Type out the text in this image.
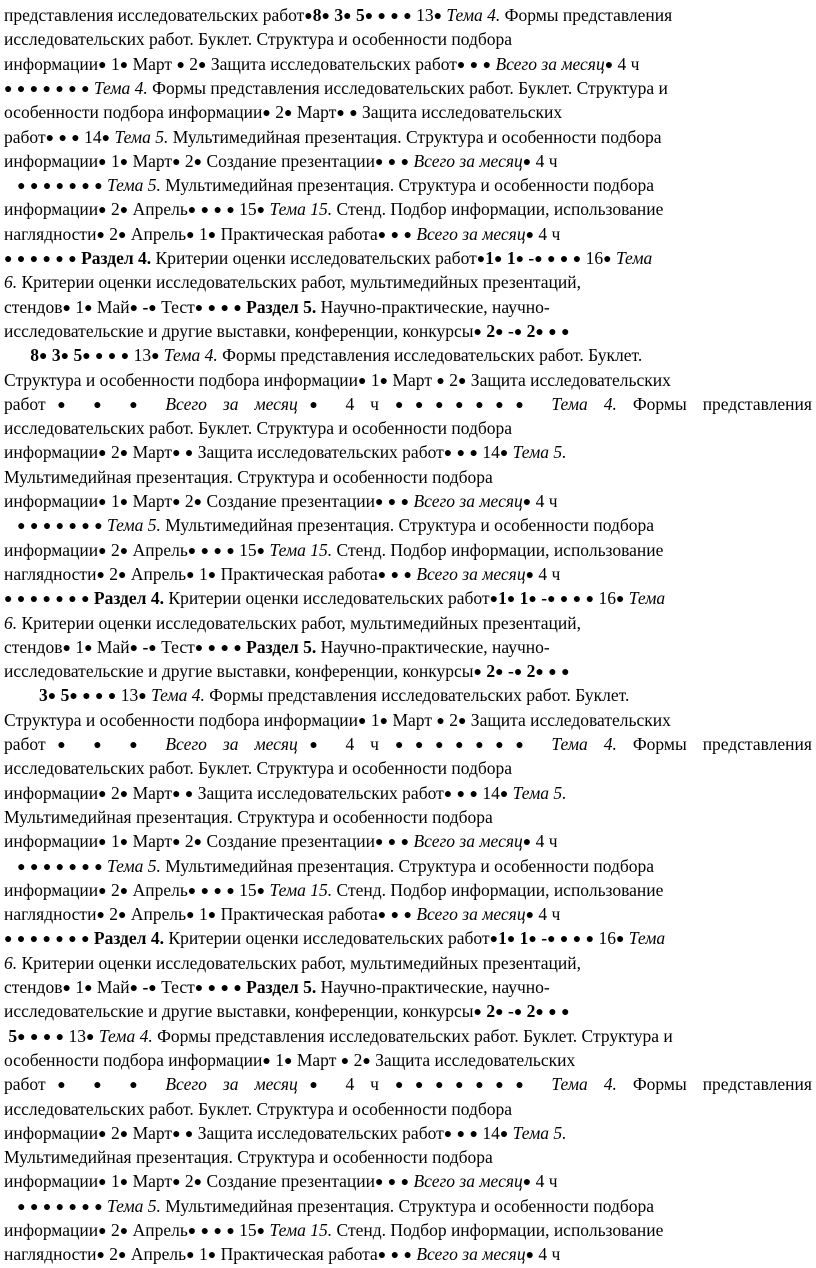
представления исследовательских работ●8● 3● 5● ● ● ● 13● Тема 4. Формы представления
исследовательских работ. Буклет. Структура и особенности подбора
информации● 1● Март ● 2● Защита исследовательских работ● ● ● Всего за месяц● 4 ч
● ● ● ● ● ● ● Тема 4. Формы представления исследовательских работ. Буклет. Структура и
особенности подбора информации● 2● Март● ● Защита исследовательских
работ● ● ● 14● Тема 5. Мультимедийная презентация. Структура и особенности подбора
информации● 1● Март● 2● Создание презентации● ● ● Всего за месяц● 4 ч
● ● ● ● ● ● ● Тема 5. Мультимедийная презентация. Структура и особенности подбора
информации● 2● Апрель● ● ● ● 15● Тема 15. Стенд. Подбор информации, использование
наглядности● 2● Апрель● 1● Практическая работа● ● ● Всего за месяц● 4 ч
● ● ● ● ● ● Раздел 4. Критерии оценки исследовательских работ●1● 1● -● ● ● ● 16● Тема
6. Критерии оценки исследовательских работ, мультимедийных презентаций,
стендов● 1● Май● -● Тест● ● ● ● Раздел 5. Научно-практические, научно-
исследовательские и другие выставки, конференции, конкурсы● 2● -● 2● ● ●
8● 3● 5● ● ● ● 13● Тема 4. Формы представления исследовательских работ. Буклет.
Структура и особенности подбора информации● 1● Март ● 2● Защита исследовательских
работ● ● ● Всего за месяц● 4 ч ●●●●●●● Тема 4. Формы представления
исследовательских работ. Буклет. Структура и особенности подбора
информации● 2● Март● ● Защита исследовательских работ● ● ● 14● Тема 5.
Мультимедийная презентация. Структура и особенности подбора
информации● 1● Март● 2● Создание презентации● ● ● Всего за месяц● 4 ч
● ● ● ● ● ● ● Тема 5. Мультимедийная презентация. Структура и особенности подбора
информации● 2● Апрель● ● ● ● 15● Тема 15. Стенд. Подбор информации, использование
наглядности● 2● Апрель● 1● Практическая работа● ● ● Всего за месяц● 4 ч
● ● ● ● ● ● ● Раздел 4. Критерии оценки исследовательских работ●1● 1● -● ● ● ● 16● Тема
6. Критерии оценки исследовательских работ, мультимедийных презентаций,
стендов● 1● Май● -● Тест● ● ● ● Раздел 5. Научно-практические, научно-
исследовательские и другие выставки, конференции, конкурсы● 2● -● 2● ● ●
3● 5● ● ● ● 13● Тема 4. Формы представления исследовательских работ. Буклет.
Структура и особенности подбора информации● 1● Март ● 2● Защита исследовательских
работ● ● ● Всего за месяц● 4 ч ●●●●●●● Тема 4. Формы представления
исследовательских работ. Буклет. Структура и особенности подбора
информации● 2● Март● ● Защита исследовательских работ● ● ● 14● Тема 5.
Мультимедийная презентация. Структура и особенности подбора
информации● 1● Март● 2● Создание презентации● ● ● Всего за месяц● 4 ч
● ● ● ● ● ● ● Тема 5. Мультимедийная презентация. Структура и особенности подбора
информации● 2● Апрель● ● ● ● 15● Тема 15. Стенд. Подбор информации, использование
наглядности● 2● Апрель● 1● Практическая работа● ● ● Всего за месяц● 4 ч
● ● ● ● ● ● ● Раздел 4. Критерии оценки исследовательских работ●1● 1● -● ● ● ● 16● Тема
6. Критерии оценки исследовательских работ, мультимедийных презентаций,
стендов● 1● Май● -● Тест● ● ● ● Раздел 5. Научно-практические, научно-
исследовательские и другие выставки, конференции, конкурсы● 2● -● 2● ● ●
5● ● ● ● 13● Тема 4. Формы представления исследовательских работ. Буклет. Структура и
особенности подбора информации● 1● Март ● 2● Защита исследовательских
работ● ● ● Всего за месяц● 4 ч ●●●●●●● Тема 4. Формы представления
исследовательских работ. Буклет. Структура и особенности подбора
информации● 2● Март● ● Защита исследовательских работ● ● ● 14● Тема 5.
Мультимедийная презентация. Структура и особенности подбора
информации● 1● Март● 2● Создание презентации● ● ● Всего за месяц● 4 ч
● ● ● ● ● ● ● Тема 5. Мультимедийная презентация. Структура и особенности подбора
информации● 2● Апрель● ● ● ● 15● Тема 15. Стенд. Подбор информации, использование
наглядности● 2● Апрель● 1● Практическая работа● ● ● Всего за месяц● 4 ч
